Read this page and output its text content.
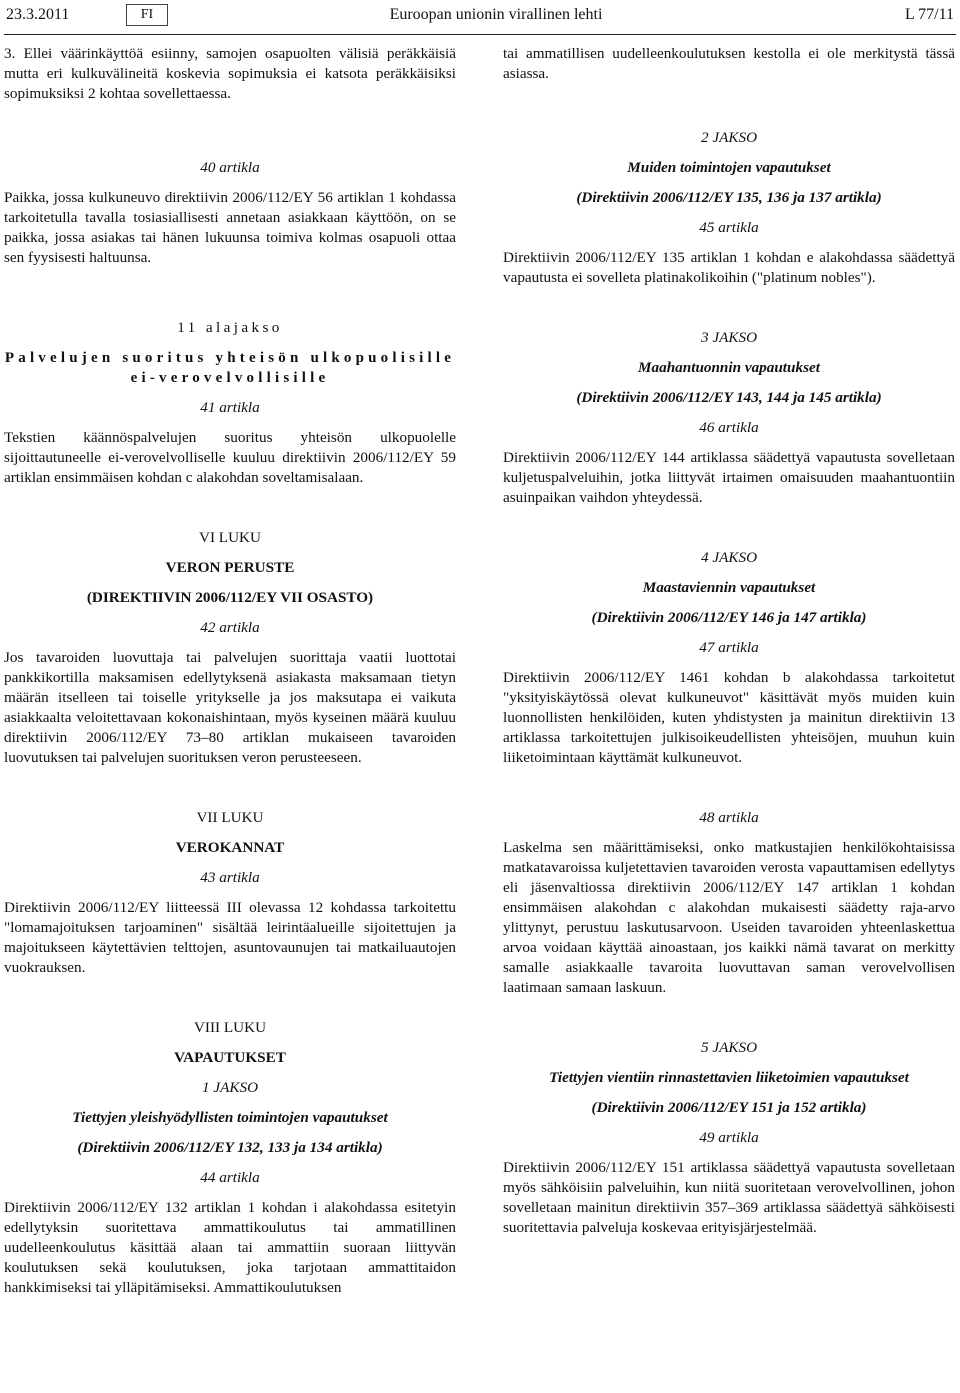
23.3.2011	FI	Euroopan unionin virallinen lehti	L 77/11

3. Ellei väärinkäyttöä esiinny, samojen osapuolten välisiä peräkkäisiä mutta eri kulkuvälineitä koskevia sopimuksia ei katsota peräkkäisiksi sopimuksiksi 2 kohtaa sovellettaessa.

40 artikla

Paikka, jossa kulkuneuvo direktiivin 2006/112/EY 56 artiklan 1 kohdassa tarkoitetulla tavalla tosiasiallisesti annetaan asiakkaan käyttöön, on se paikka, jossa asiakas tai hänen lukuunsa toimiva kolmas osapuoli ottaa sen fyysisesti haltuunsa.

11 alajakso

Palvelujen suoritus yhteisön ulkopuolisille ei-verovelvollisille

41 artikla

Tekstien käännöspalvelujen suoritus yhteisön ulkopuolelle sijoittautuneelle ei-verovelvolliselle kuuluu direktiivin 2006/112/EY 59 artiklan ensimmäisen kohdan c alakohdan soveltamisalaan.

VI LUKU

VERON PERUSTE

(DIREKTIIVIN 2006/112/EY VII OSASTO)

42 artikla

Jos tavaroiden luovuttaja tai palvelujen suorittaja vaatii luottotai pankkikortilla maksamisen edellytyksenä asiakasta maksamaan tietyn määrän itselleen tai toiselle yritykselle ja jos maksutapa ei vaikuta asiakkaalta veloitettavaan kokonaishintaan, myös kyseinen määrä kuuluu direktiivin 2006/112/EY 73–80 artiklan mukaiseen tavaroiden luovutuksen tai palvelujen suorituksen veron perusteeseen.

VII LUKU

VEROKANNAT

43 artikla

Direktiivin 2006/112/EY liitteessä III olevassa 12 kohdassa tarkoitettu "lomamajoituksen tarjoaminen" sisältää leirintäalueille sijoitettujen ja majoitukseen käytettävien telttojen, asuntovaunujen tai matkailuautojen vuokrauksen.

VIII LUKU

VAPAUTUKSET

1 JAKSO

Tiettyjen yleishyödyllisten toimintojen vapautukset

(Direktiivin 2006/112/EY 132, 133 ja 134 artikla)

44 artikla

Direktiivin 2006/112/EY 132 artiklan 1 kohdan i alakohdassa esitetyin edellytyksin suoritettava ammattikoulutus tai ammatillinen uudelleenkoulutus käsittää alaan tai ammattiin suoraan liittyvän koulutuksen sekä koulutuksen, joka tarjotaan ammattitaidon hankkimiseksi tai ylläpitämiseksi. Ammattikoulutuksen

tai ammatillisen uudelleenkoulutuksen kestolla ei ole merkitystä tässä asiassa.

2 JAKSO

Muiden toimintojen vapautukset

(Direktiivin 2006/112/EY 135, 136 ja 137 artikla)

45 artikla

Direktiivin 2006/112/EY 135 artiklan 1 kohdan e alakohdassa säädettyä vapautusta ei sovelleta platinakolikoihin ("platinum nobles").

3 JAKSO

Maahantuonnin vapautukset

(Direktiivin 2006/112/EY 143, 144 ja 145 artikla)

46 artikla

Direktiivin 2006/112/EY 144 artiklassa säädettyä vapautusta sovelletaan kuljetuspalveluihin, jotka liittyvät irtaimen omaisuuden maahantuontiin asuinpaikan vaihdon yhteydessä.

4 JAKSO

Maastaviennin vapautukset

(Direktiivin 2006/112/EY 146 ja 147 artikla)

47 artikla

Direktiivin 2006/112/EY 1461 kohdan b alakohdassa tarkoitetut "yksityiskäytössä olevat kulkuneuvot" käsittävät myös muiden kuin luonnollisten henkilöiden, kuten yhdistysten ja mainitun direktiivin 13 artiklassa tarkoitettujen julkisoikeudellisten yhteisöjen, muuhun kuin liiketoimintaan käyttämät kulkuneuvot.

48 artikla

Laskelma sen määrittämiseksi, onko matkustajien henkilökohtaisissa matkatavaroissa kuljetettavien tavaroiden verosta vapauttamisen edellytys eli jäsenvaltiossa direktiivin 2006/112/EY 147 artiklan 1 kohdan ensimmäisen alakohdan c alakohdan mukaisesti säädetty raja-arvo ylittynyt, perustuu laskutusarvoon. Useiden tavaroiden yhteenlaskettua arvoa voidaan käyttää ainoastaan, jos kaikki nämä tavarat on merkitty samalle asiakkaalle tavaroita luovuttavan saman verovelvollisen laatimaan samaan laskuun.

5 JAKSO

Tiettyjen vientiin rinnastettavien liiketoimien vapautukset

(Direktiivin 2006/112/EY 151 ja 152 artikla)

49 artikla

Direktiivin 2006/112/EY 151 artiklassa säädettyä vapautusta sovelletaan myös sähköisiin palveluihin, kun niitä suoritetaan verovelvollinen, johon sovelletaan mainitun direktiivin 357–369 artiklassa säädettyä sähköisesti suoritettavia palveluja koskevaa erityisjärjestelmää.
